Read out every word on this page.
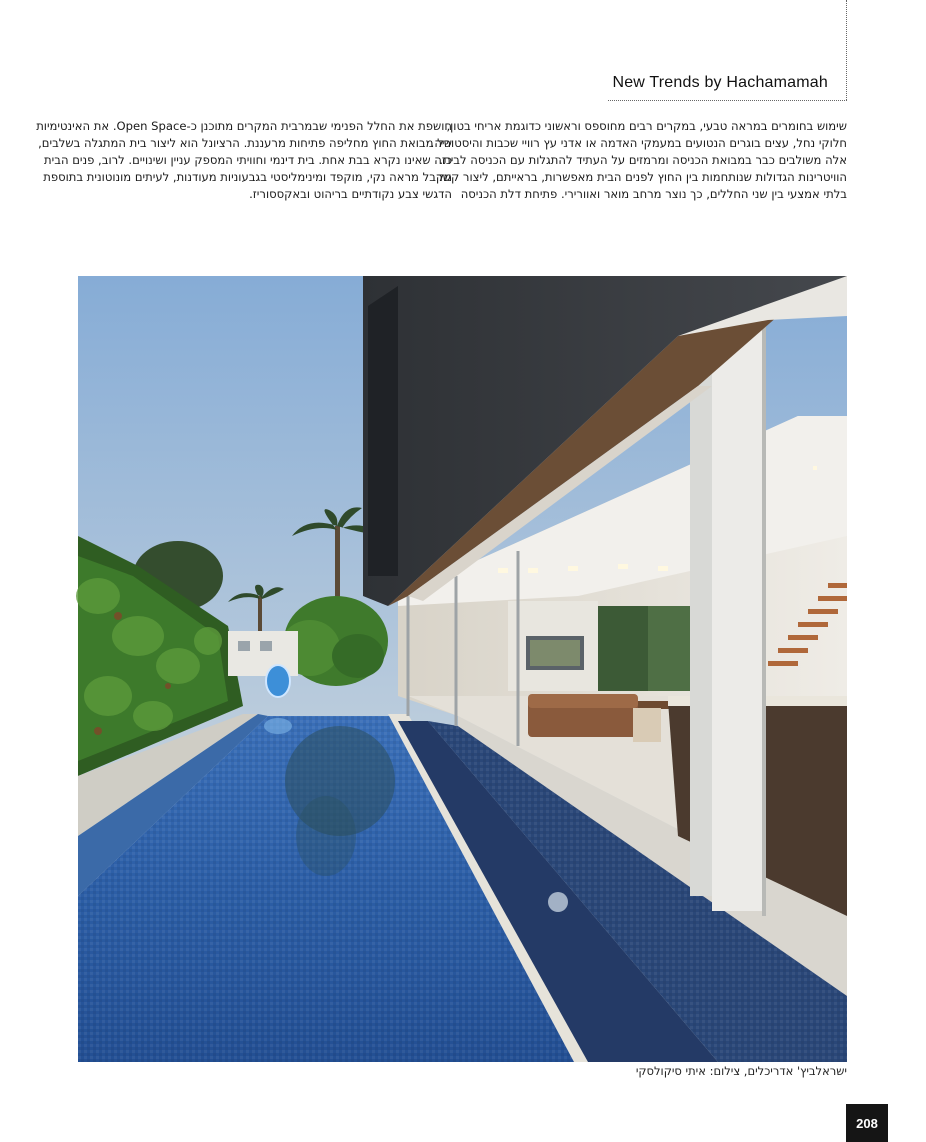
New Trends by Hachamamah
שימוש בחומרים במראה טבעי, במקרים רבים מחוספס וראשוני כדוגמת אריחי בטון,
חלוקי נחל, עצים בוגרים הנטועים במעמקי האדמה או אדני עץ רוויי שכבות והיסטוריה.
אלה משולבים כבר במבואת הכניסה ומרמזים על העתיד להתגלות עם הכניסה לבית.
הוויטרינות הגדולות שנותחמות בין החוץ לפנים הבית מאפשרות, בראייתם, ליצור קשר
בלתי אמצעי בין שני החללים, כך נוצר מרחב מואר ואוורירי. פתיחת דלת הכניסה
חושפת את החלל הפנימי שבמרבית המקרים מתוכנן כ-Open Space. את האינטימיות
של מבואת החוץ מחליפה פתיחות מרעננת. הרציונל הוא ליצור בית המתגלה בשלבים,
כזה שאינו נקרא בבת אחת. בית דינמי וחוויתי המספק עניין ושינויים. לרוב, פנים הבית
מקבל מראה נקי, מוקפד ומינימליסטי בגבעוניות מעודנות, לעיתים מונוטונית בתוספת
הדגשי צבע נקודתיים בריהוט ובאקססוריז.
ישראלביץ' אדריכלים, צילום: איתי סיקולסקי
208
